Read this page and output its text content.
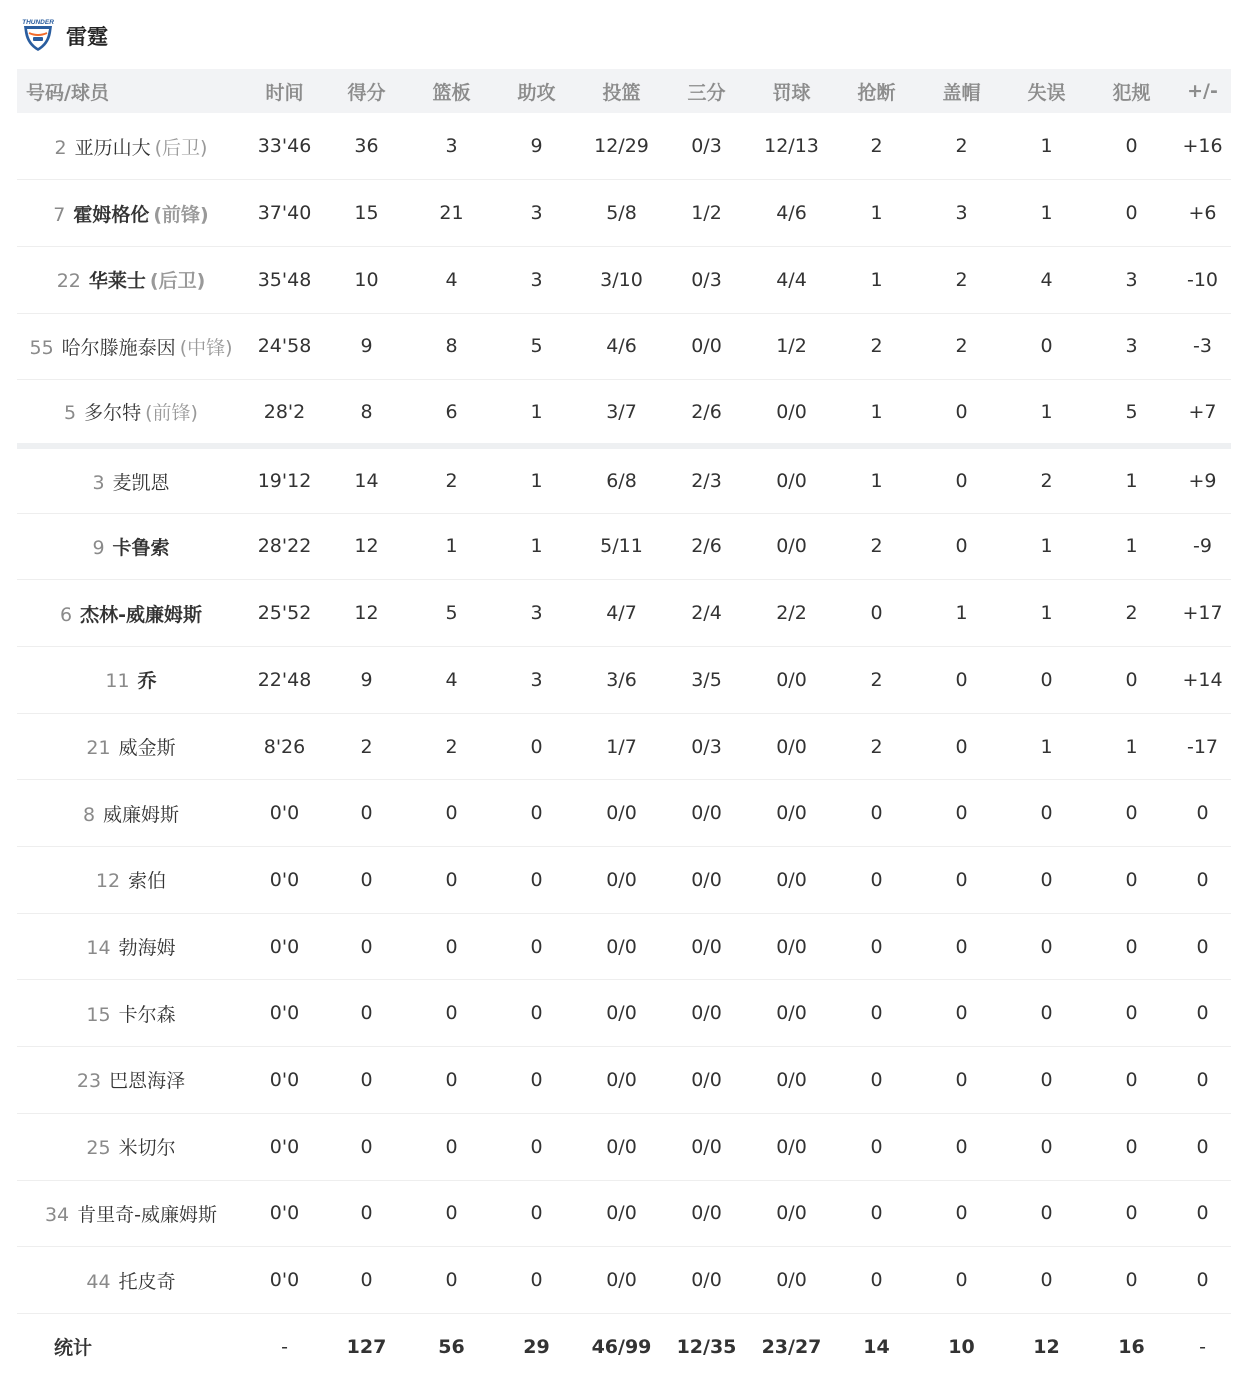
THUNDER
雷霆
号码/球员	时间	得分	篮板	助攻	投篮	三分	罚球	抢断	盖帽	失误	犯规	+/-
2 亚历山大 (后卫)	33'46	36	3	9	12/29	0/3	12/13	2	2	1	0	+16
7 霍姆格伦 (前锋)	37'40	15	21	3	5/8	1/2	4/6	1	3	1	0	+6
22 华莱士 (后卫)	35'48	10	4	3	3/10	0/3	4/4	1	2	4	3	-10
55 哈尔滕施泰因 (中锋)	24'58	9	8	5	4/6	0/0	1/2	2	2	0	3	-3
5 多尔特 (前锋)	28'2	8	6	1	3/7	2/6	0/0	1	0	1	5	+7
3 麦凯恩	19'12	14	2	1	6/8	2/3	0/0	1	0	2	1	+9
9 卡鲁索	28'22	12	1	1	5/11	2/6	0/0	2	0	1	1	-9
6 杰林-威廉姆斯	25'52	12	5	3	4/7	2/4	2/2	0	1	1	2	+17
11 乔	22'48	9	4	3	3/6	3/5	0/0	2	0	0	0	+14
21 威金斯	8'26	2	2	0	1/7	0/3	0/0	2	0	1	1	-17
8 威廉姆斯	0'0	0	0	0	0/0	0/0	0/0	0	0	0	0	0
12 索伯	0'0	0	0	0	0/0	0/0	0/0	0	0	0	0	0
14 勃海姆	0'0	0	0	0	0/0	0/0	0/0	0	0	0	0	0
15 卡尔森	0'0	0	0	0	0/0	0/0	0/0	0	0	0	0	0
23 巴恩海泽	0'0	0	0	0	0/0	0/0	0/0	0	0	0	0	0
25 米切尔	0'0	0	0	0	0/0	0/0	0/0	0	0	0	0	0
34 肯里奇-威廉姆斯	0'0	0	0	0	0/0	0/0	0/0	0	0	0	0	0
44 托皮奇	0'0	0	0	0	0/0	0/0	0/0	0	0	0	0	0
统计	-	127	56	29	46/99	12/35	23/27	14	10	12	16	-
